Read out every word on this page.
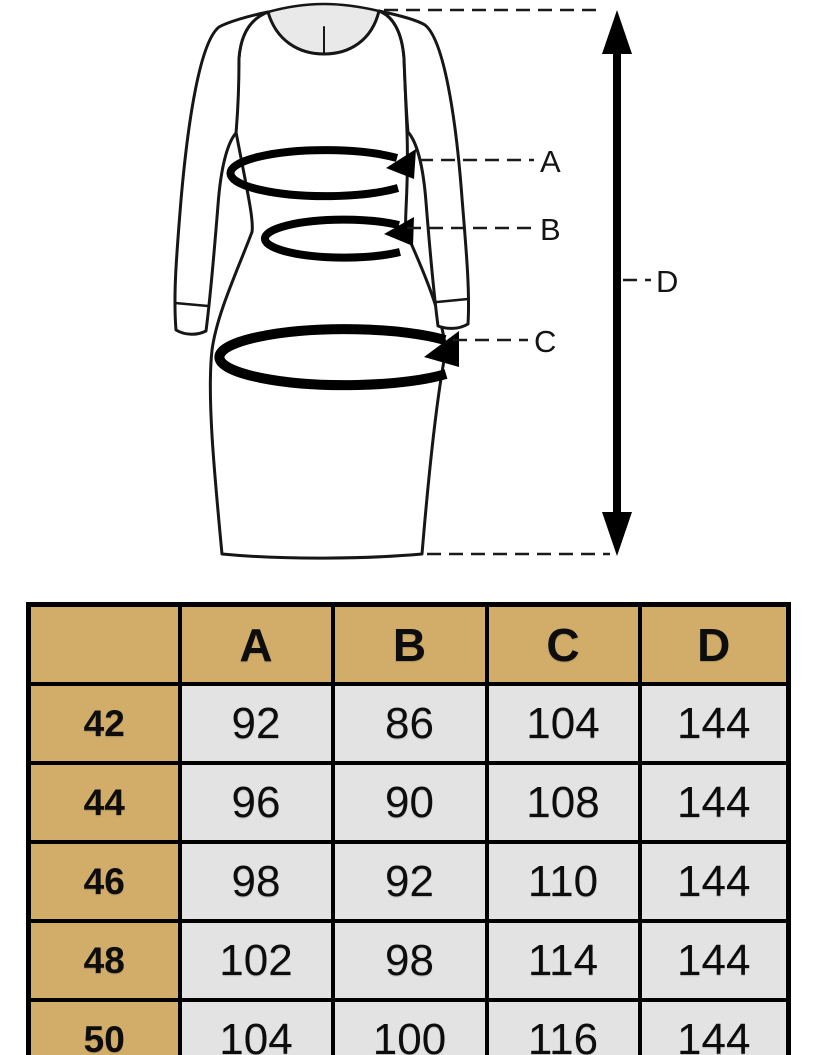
A
B
C
D
	A	B	C	D
42	92	86	104	144
44	96	90	108	144
46	98	92	110	144
48	102	98	114	144
50	104	100	116	144
